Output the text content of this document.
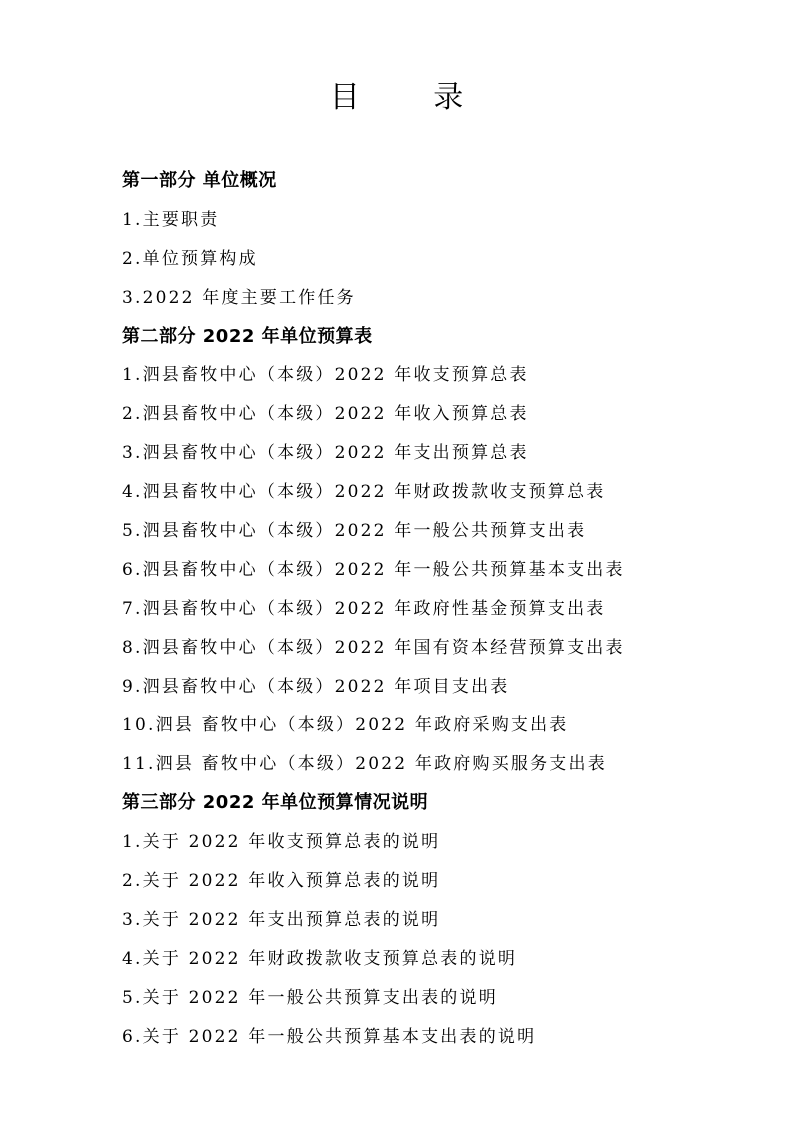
目 录
第一部分 单位概况
1.主要职责
2.单位预算构成
3.2022 年度主要工作任务
第二部分 2022 年单位预算表
1.泗县畜牧中心（本级）2022 年收支预算总表
2.泗县畜牧中心（本级）2022 年收入预算总表
3.泗县畜牧中心（本级）2022 年支出预算总表
4.泗县畜牧中心（本级）2022 年财政拨款收支预算总表
5.泗县畜牧中心（本级）2022 年一般公共预算支出表
6.泗县畜牧中心（本级）2022 年一般公共预算基本支出表
7.泗县畜牧中心（本级）2022 年政府性基金预算支出表
8.泗县畜牧中心（本级）2022 年国有资本经营预算支出表
9.泗县畜牧中心（本级）2022 年项目支出表
10.泗县 畜牧中心（本级）2022 年政府采购支出表
11.泗县 畜牧中心（本级）2022 年政府购买服务支出表
第三部分 2022 年单位预算情况说明
1.关于 2022 年收支预算总表的说明
2.关于 2022 年收入预算总表的说明
3.关于 2022 年支出预算总表的说明
4.关于 2022 年财政拨款收支预算总表的说明
5.关于 2022 年一般公共预算支出表的说明
6.关于 2022 年一般公共预算基本支出表的说明
